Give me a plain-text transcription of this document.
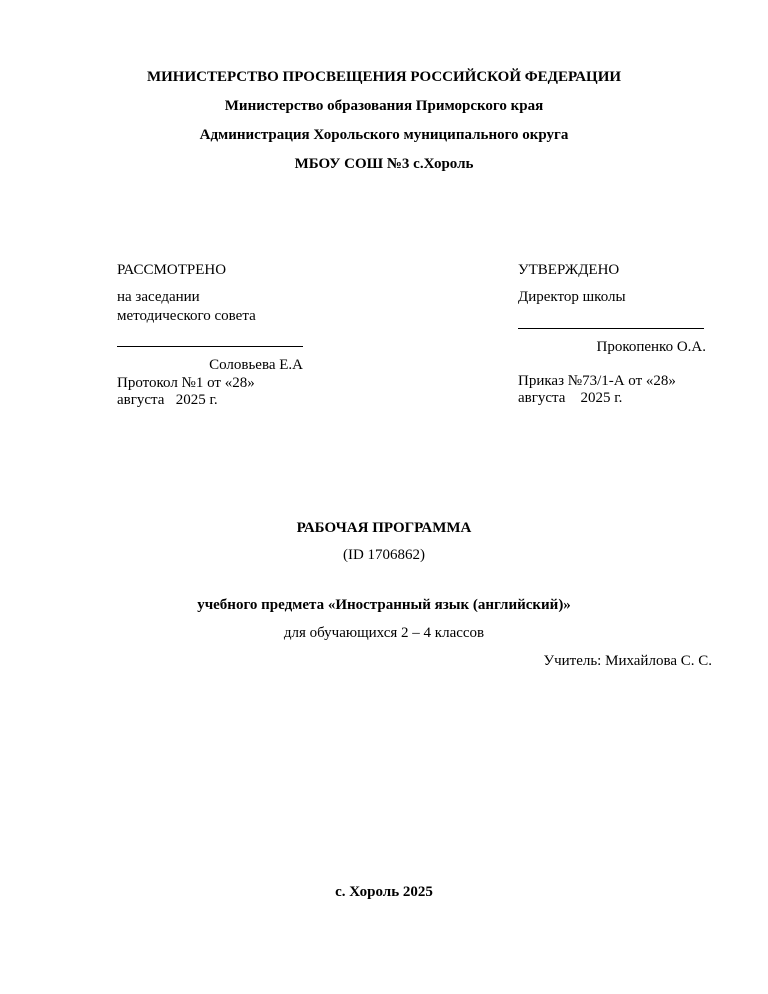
МИНИСТЕРСТВО ПРОСВЕЩЕНИЯ РОССИЙСКОЙ ФЕДЕРАЦИИ
Министерство образования Приморского края
Администрация Хорольского муниципального округа
МБОУ СОШ №3 с.Хороль
РАССМОТРЕНО
на заседании
методического совета
Соловьева Е.А
Протокол №1 от «28»
августа   2025 г.
УТВЕРЖДЕНО
Директор школы
Прокопенко О.А.
Приказ №73/1-А от «28»
августа    2025 г.
РАБОЧАЯ ПРОГРАММА
(ID 1706862)
учебного предмета «Иностранный язык (английский)»
для обучающихся 2 – 4 классов
Учитель: Михайлова С. С.
с. Хороль 2025
